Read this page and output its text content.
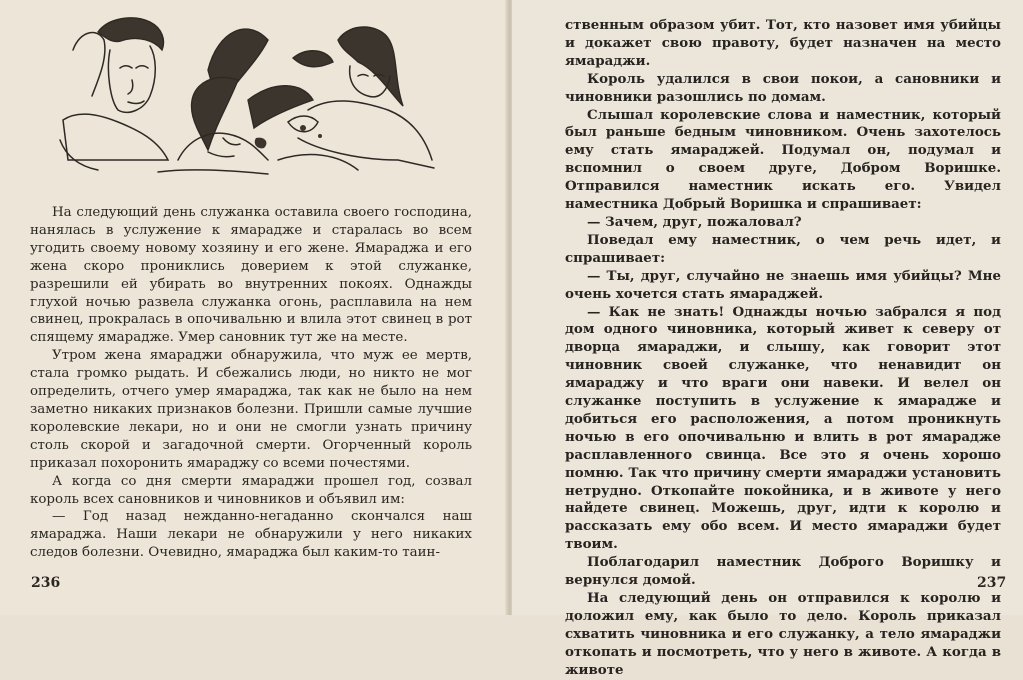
На следующий день служанка оставила своего господина, нанялась в услужение к ямарадже и старалась во всем угодить своему новому хозяину и его жене. Ямараджа и его жена скоро прониклись доверием к этой служанке, разрешили ей убирать во внутренних покоях. Однажды глухой ночью развела служанка огонь, расплавила на нем свинец, прокралась в опочивальню и влила этот свинец в рот спящему ямарадже. Умер сановник тут же на месте.

Утром жена ямараджи обнаружила, что муж ее мертв, стала громко рыдать. И сбежались люди, но никто не мог определить, отчего умер ямараджа, так как не было на нем заметно никаких признаков болезни. Пришли самые лучшие королевские лекари, но и они не смогли узнать причину столь скорой и загадочной смерти. Огорченный король приказал похоронить ямараджу со всеми почестями.

А когда со дня смерти ямараджи прошел год, созвал король всех сановников и чиновников и объявил им:

— Год назад нежданно-негаданно скончался наш ямараджа. Наши лекари не обнаружили у него никаких следов болезни. Очевидно, ямараджа был каким-то таин-

236

ственным образом убит. Тот, кто назовет имя убийцы и докажет свою правоту, будет назначен на место ямараджи.

Король удалился в свои покои, а сановники и чиновники разошлись по домам.

Слышал королевские слова и наместник, который был раньше бедным чиновником. Очень захотелось ему стать ямараджей. Подумал он, подумал и вспомнил о своем друге, Добром Воришке. Отправился наместник искать его. Увидел наместника Добрый Воришка и спрашивает:

— Зачем, друг, пожаловал?

Поведал ему наместник, о чем речь идет, и спрашивает:

— Ты, друг, случайно не знаешь имя убийцы? Мне очень хочется стать ямараджей.

— Как не знать! Однажды ночью забрался я под дом одного чиновника, который живет к северу от дворца ямараджи, и слышу, как говорит этот чиновник своей служанке, что ненавидит он ямараджу и что враги они навеки. И велел он служанке поступить в услужение к ямарадже и добиться его расположения, а потом проникнуть ночью в его опочивальню и влить в рот ямарадже расплавленного свинца. Все это я очень хорошо помню. Так что причину смерти ямараджи установить нетрудно. Откопайте покойника, и в животе у него найдете свинец. Можешь, друг, идти к королю и рассказать ему обо всем. И место ямараджи будет твоим.

Поблагодарил наместник Доброго Воришку и вернулся домой.

На следующий день он отправился к королю и доложил ему, как было то дело. Король приказал схватить чиновника и его служанку, а тело ямараджи откопать и посмотреть, что у него в животе. А когда в животе

237
